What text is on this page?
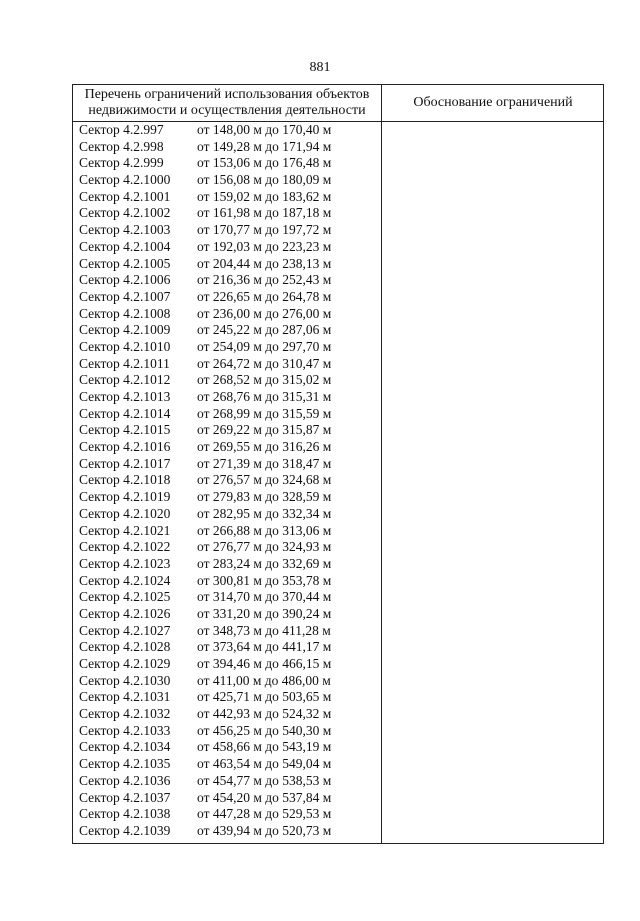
881
Перечень ограничений использования объектов недвижимости и осуществления деятельности
Обоснование ограничений
Сектор 4.2.997 от 148,00 м до 170,40 м
Сектор 4.2.998 от 149,28 м до 171,94 м
Сектор 4.2.999 от 153,06 м до 176,48 м
Сектор 4.2.1000 от 156,08 м до 180,09 м
Сектор 4.2.1001 от 159,02 м до 183,62 м
Сектор 4.2.1002 от 161,98 м до 187,18 м
Сектор 4.2.1003 от 170,77 м до 197,72 м
Сектор 4.2.1004 от 192,03 м до 223,23 м
Сектор 4.2.1005 от 204,44 м до 238,13 м
Сектор 4.2.1006 от 216,36 м до 252,43 м
Сектор 4.2.1007 от 226,65 м до 264,78 м
Сектор 4.2.1008 от 236,00 м до 276,00 м
Сектор 4.2.1009 от 245,22 м до 287,06 м
Сектор 4.2.1010 от 254,09 м до 297,70 м
Сектор 4.2.1011 от 264,72 м до 310,47 м
Сектор 4.2.1012 от 268,52 м до 315,02 м
Сектор 4.2.1013 от 268,76 м до 315,31 м
Сектор 4.2.1014 от 268,99 м до 315,59 м
Сектор 4.2.1015 от 269,22 м до 315,87 м
Сектор 4.2.1016 от 269,55 м до 316,26 м
Сектор 4.2.1017 от 271,39 м до 318,47 м
Сектор 4.2.1018 от 276,57 м до 324,68 м
Сектор 4.2.1019 от 279,83 м до 328,59 м
Сектор 4.2.1020 от 282,95 м до 332,34 м
Сектор 4.2.1021 от 266,88 м до 313,06 м
Сектор 4.2.1022 от 276,77 м до 324,93 м
Сектор 4.2.1023 от 283,24 м до 332,69 м
Сектор 4.2.1024 от 300,81 м до 353,78 м
Сектор 4.2.1025 от 314,70 м до 370,44 м
Сектор 4.2.1026 от 331,20 м до 390,24 м
Сектор 4.2.1027 от 348,73 м до 411,28 м
Сектор 4.2.1028 от 373,64 м до 441,17 м
Сектор 4.2.1029 от 394,46 м до 466,15 м
Сектор 4.2.1030 от 411,00 м до 486,00 м
Сектор 4.2.1031 от 425,71 м до 503,65 м
Сектор 4.2.1032 от 442,93 м до 524,32 м
Сектор 4.2.1033 от 456,25 м до 540,30 м
Сектор 4.2.1034 от 458,66 м до 543,19 м
Сектор 4.2.1035 от 463,54 м до 549,04 м
Сектор 4.2.1036 от 454,77 м до 538,53 м
Сектор 4.2.1037 от 454,20 м до 537,84 м
Сектор 4.2.1038 от 447,28 м до 529,53 м
Сектор 4.2.1039 от 439,94 м до 520,73 м
